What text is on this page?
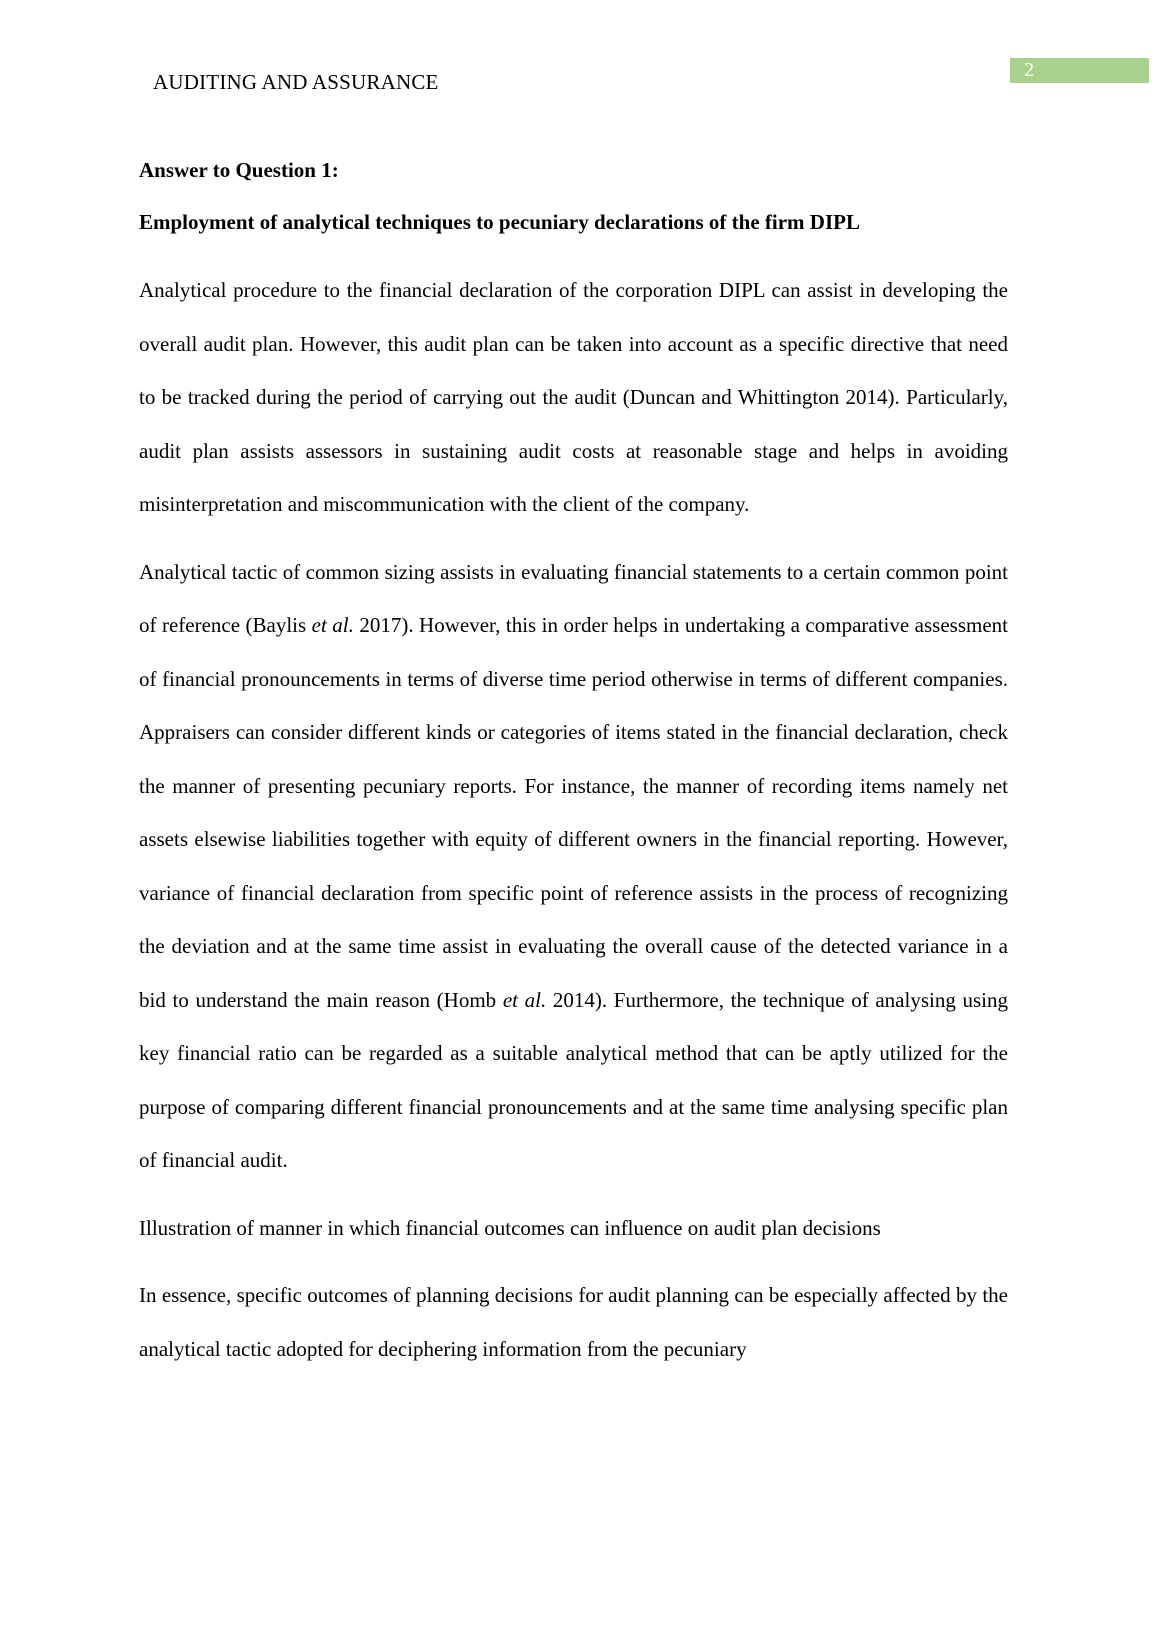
AUDITING AND ASSURANCE	2

Answer to Question 1:

Employment of analytical techniques to pecuniary declarations of the firm DIPL

Analytical procedure to the financial declaration of the corporation DIPL can assist in developing the overall audit plan. However, this audit plan can be taken into account as a specific directive that need to be tracked during the period of carrying out the audit (Duncan and Whittington 2014). Particularly, audit plan assists assessors in sustaining audit costs at reasonable stage and helps in avoiding misinterpretation and miscommunication with the client of the company.

Analytical tactic of common sizing assists in evaluating financial statements to a certain common point of reference (Baylis et al. 2017). However, this in order helps in undertaking a comparative assessment of financial pronouncements in terms of diverse time period otherwise in terms of different companies. Appraisers can consider different kinds or categories of items stated in the financial declaration, check the manner of presenting pecuniary reports. For instance, the manner of recording items namely net assets elsewise liabilities together with equity of different owners in the financial reporting. However, variance of financial declaration from specific point of reference assists in the process of recognizing the deviation and at the same time assist in evaluating the overall cause of the detected variance in a bid to understand the main reason (Homb et al. 2014). Furthermore, the technique of analysing using key financial ratio can be regarded as a suitable analytical method that can be aptly utilized for the purpose of comparing different financial pronouncements and at the same time analysing specific plan of financial audit.

Illustration of manner in which financial outcomes can influence on audit plan decisions

In essence, specific outcomes of planning decisions for audit planning can be especially affected by the analytical tactic adopted for deciphering information from the pecuniary
